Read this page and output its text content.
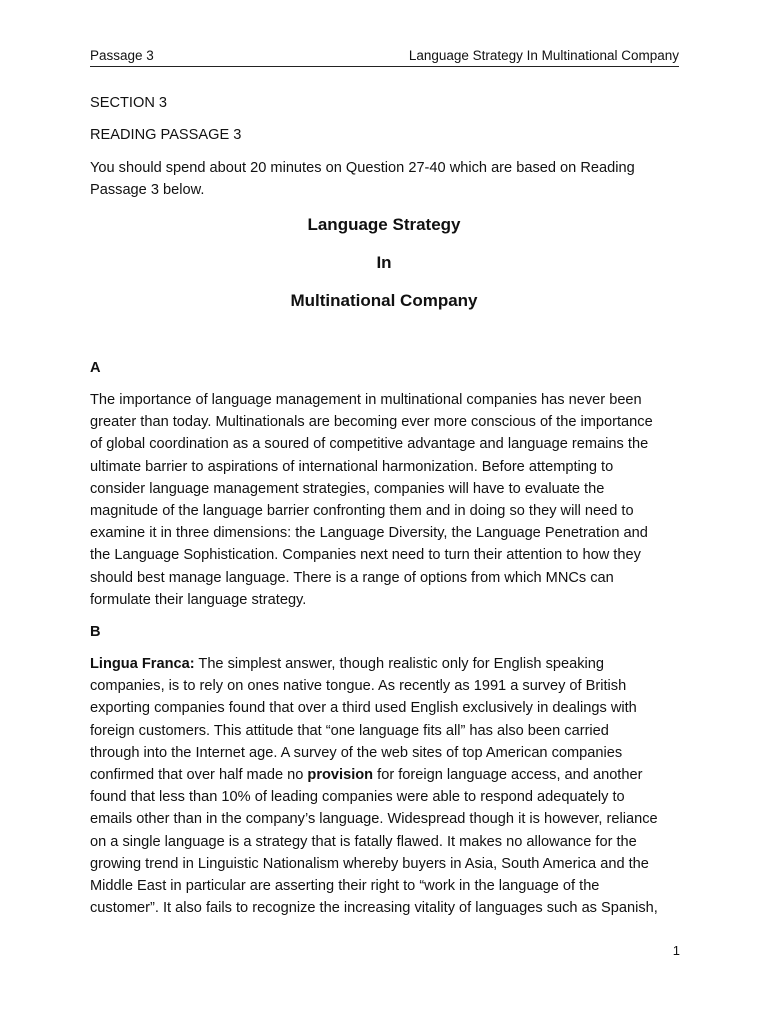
Passage 3	Language Strategy In Multinational Company
SECTION 3
READING PASSAGE 3
You should spend about 20 minutes on Question 27-40 which are based on Reading
Passage 3 below.
Language Strategy
In
Multinational Company
A
The importance of language management in multinational companies has never been
greater than today. Multinationals are becoming ever more conscious of the importance
of global coordination as a soured of competitive advantage and language remains the
ultimate barrier to aspirations of international harmonization. Before attempting to
consider language management strategies, companies will have to evaluate the
magnitude of the language barrier confronting them and in doing so they will need to
examine it in three dimensions: the Language Diversity, the Language Penetration and
the Language Sophistication. Companies next need to turn their attention to how they
should best manage language. There is a range of options from which MNCs can
formulate their language strategy.
B
Lingua Franca: The simplest answer, though realistic only for English speaking
companies, is to rely on ones native tongue. As recently as 1991 a survey of British
exporting companies found that over a third used English exclusively in dealings with
foreign customers. This attitude that “one language fits all” has also been carried
through into the Internet age. A survey of the web sites of top American companies
confirmed that over half made no provision for foreign language access, and another
found that less than 10% of leading companies were able to respond adequately to
emails other than in the company’s language. Widespread though it is however, reliance
on a single language is a strategy that is fatally flawed. It makes no allowance for the
growing trend in Linguistic Nationalism whereby buyers in Asia, South America and the
Middle East in particular are asserting their right to “work in the language of the
customer”. It also fails to recognize the increasing vitality of languages such as Spanish,
1
